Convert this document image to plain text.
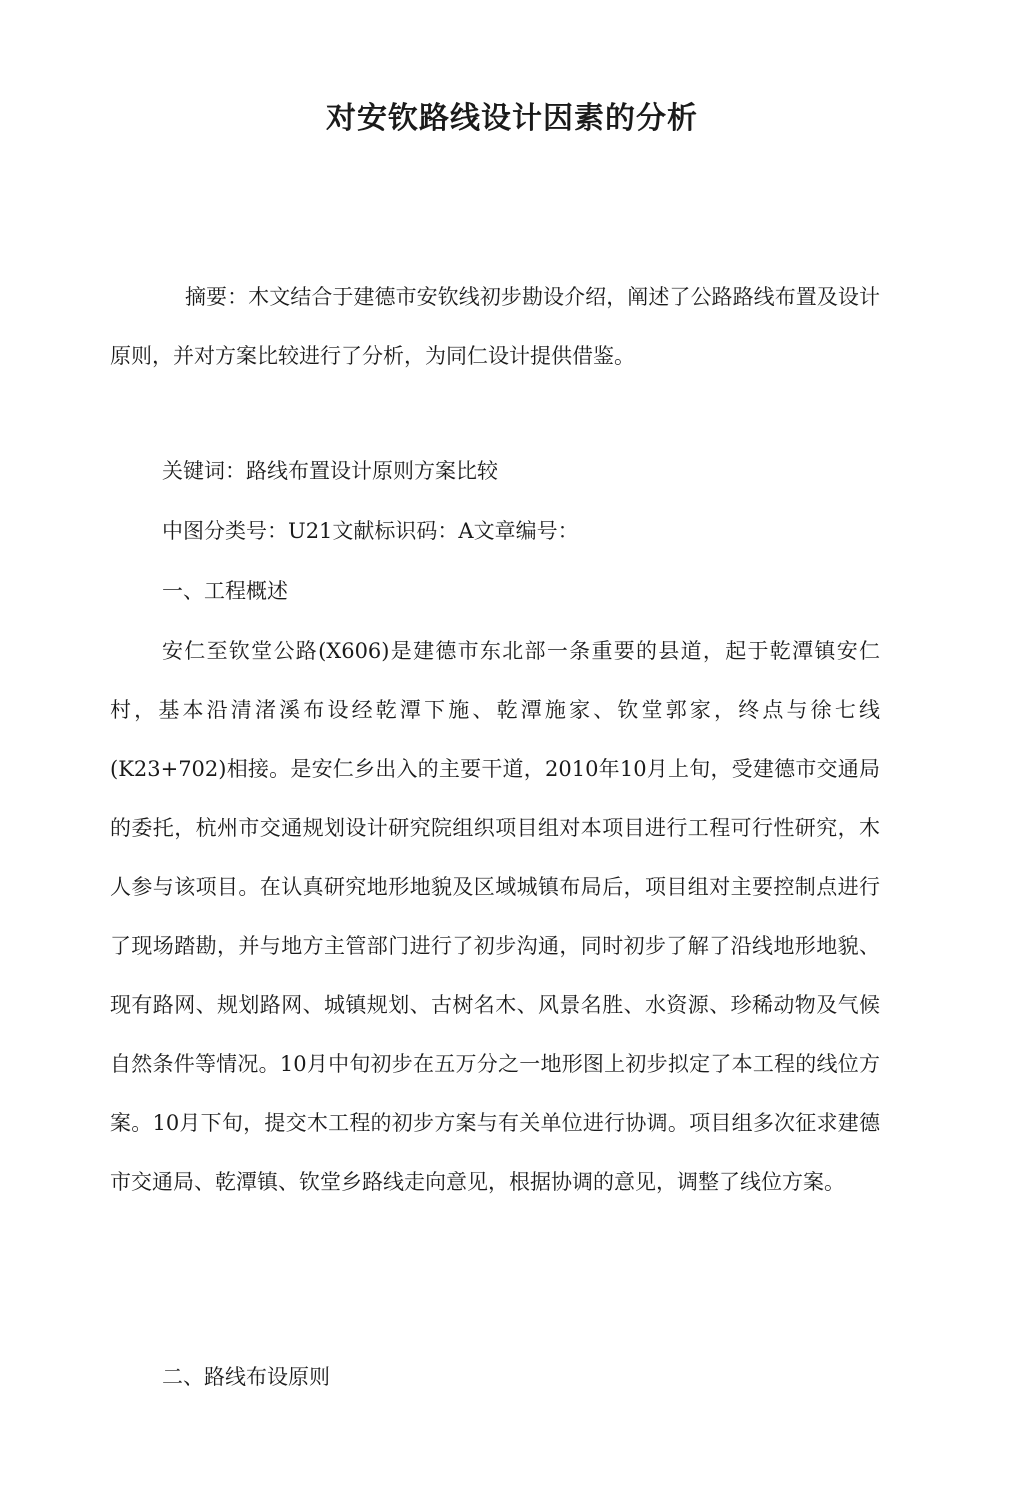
对安钦路线设计因素的分析

摘要：木文结合于建德市安钦线初步勘设介绍，阐述了公路路线布置及设计原则，并对方案比较进行了分析，为同仁设计提供借鉴。

关键词：路线布置设计原则方案比较

中图分类号：U21文献标识码：A文章编号：

一、工程概述

安仁至钦堂公路(X606)是建德市东北部一条重要的县道，起于乾潭镇安仁村，基本沿清渚溪布设经乾潭下施、乾潭施家、钦堂郭家，终点与徐七线(K23+702)相接。是安仁乡出入的主要干道，2010年10月上旬，受建德市交通局的委托，杭州市交通规划设计研究院组织项目组对本项目进行工程可行性研究，木人参与该项目。在认真研究地形地貌及区域城镇布局后，项目组对主要控制点进行了现场踏勘，并与地方主管部门进行了初步沟通，同时初步了解了沿线地形地貌、现有路网、规划路网、城镇规划、古树名木、风景名胜、水资源、珍稀动物及气候自然条件等情况。10月中旬初步在五万分之一地形图上初步拟定了本工程的线位方案。10月下旬，提交木工程的初步方案与有关单位进行协调。项目组多次征求建德市交通局、乾潭镇、钦堂乡路线走向意见，根据协调的意见，调整了线位方案。

二、路线布设原则
